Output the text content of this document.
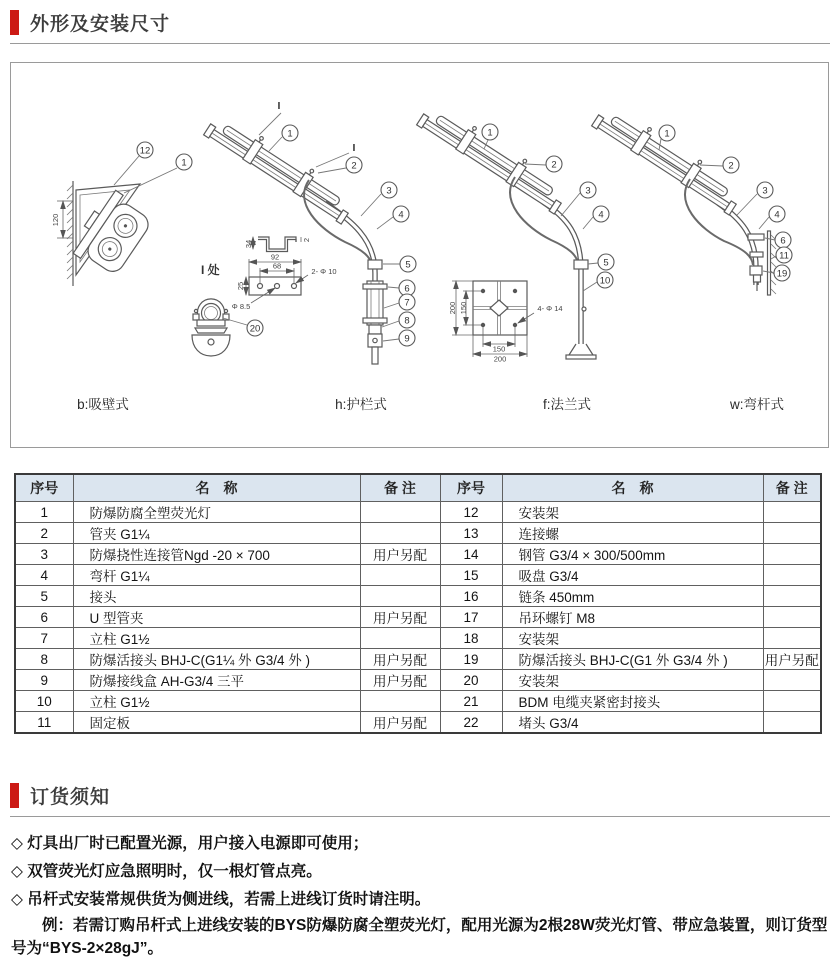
外形及安装尺寸
120
12
1
I
1
I
2
3
4
5
6
7
8
9
34	2
92
68
25
2- Φ 10
Φ 8.5
I 处
20
1
2
3
4
5
10
200 150
150
200
4- Φ 14
1
2
3
4
6
11
19
b:吸壁式	h:护栏式	f:法兰式	w:弯杆式
序号	名　称	备 注	序号	名　称	备 注
1	防爆防腐全塑荧光灯		12	安装架	
2	管夹 G1¼		13	连接螺	
3	防爆挠性连接管Ngd -20 × 700	用户另配	14	钢管 G3/4 × 300/500mm	
4	弯杆 G1¼		15	吸盘 G3/4	
5	接头		16	链条 450mm	
6	U 型管夹	用户另配	17	吊环螺钉 M8	
7	立柱 G1½		18	安装架	
8	防爆活接头 BHJ-C(G1¼ 外 G3/4 外 )	用户另配	19	防爆活接头 BHJ-C(G1 外 G3/4 外 )	用户另配
9	防爆接线盒 AH-G3/4 三平	用户另配	20	安装架	
10	立柱 G1½		21	BDM 电缆夹紧密封接头	
11	固定板	用户另配	22	堵头 G3/4	
订货须知
◇ 灯具出厂时已配置光源，用户接入电源即可使用；
◇ 双管荧光灯应急照明时，仅一根灯管点亮。
◇ 吊杆式安装常规供货为侧进线，若需上进线订货时请注明。
例：若需订购吊杆式上进线安装的BYS防爆防腐全塑荧光灯，配用光源为2根28W荧光灯管、带应急装置，则订货型号为“BYS-2×28gJ”。
